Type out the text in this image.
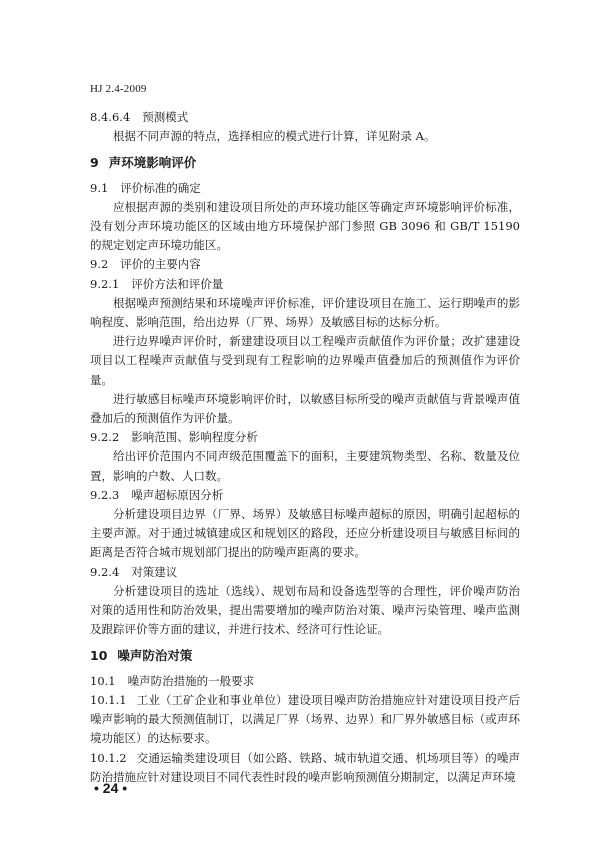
HJ 2.4-2009

8.4.6.4 预测模式

根据不同声源的特点，选择相应的模式进行计算，详见附录 A。

9 声环境影响评价

9.1 评价标准的确定

应根据声源的类别和建设项目所处的声环境功能区等确定声环境影响评价标准，没有划分声环境功能区的区域由地方环境保护部门参照 GB 3096 和 GB/T 15190 的规定划定声环境功能区。

9.2 评价的主要内容

9.2.1 评价方法和评价量

根据噪声预测结果和环境噪声评价标准，评价建设项目在施工、运行期噪声的影响程度、影响范围，给出边界（厂界、场界）及敏感目标的达标分析。

进行边界噪声评价时，新建建设项目以工程噪声贡献值作为评价量；改扩建建设项目以工程噪声贡献值与受到现有工程影响的边界噪声值叠加后的预测值作为评价量。

进行敏感目标噪声环境影响评价时，以敏感目标所受的噪声贡献值与背景噪声值叠加后的预测值作为评价量。

9.2.2 影响范围、影响程度分析

给出评价范围内不同声级范围覆盖下的面积，主要建筑物类型、名称、数量及位置，影响的户数、人口数。

9.2.3 噪声超标原因分析

分析建设项目边界（厂界、场界）及敏感目标噪声超标的原因，明确引起超标的主要声源。对于通过城镇建成区和规划区的路段，还应分析建设项目与敏感目标间的距离是否符合城市规划部门提出的防噪声距离的要求。

9.2.4 对策建议

分析建设项目的选址（选线）、规划布局和设备选型等的合理性，评价噪声防治对策的适用性和防治效果，提出需要增加的噪声防治对策、噪声污染管理、噪声监测及跟踪评价等方面的建议，并进行技术、经济可行性论证。

10 噪声防治对策

10.1 噪声防治措施的一般要求

10.1.1 工业（工矿企业和事业单位）建设项目噪声防治措施应针对建设项目投产后噪声影响的最大预测值制订，以满足厂界（场界、边界）和厂界外敏感目标（或声环境功能区）的达标要求。

10.1.2 交通运输类建设项目（如公路、铁路、城市轨道交通、机场项目等）的噪声防治措施应针对建设项目不同代表性时段的噪声影响预测值分期制定，以满足声环境

• 24 •
